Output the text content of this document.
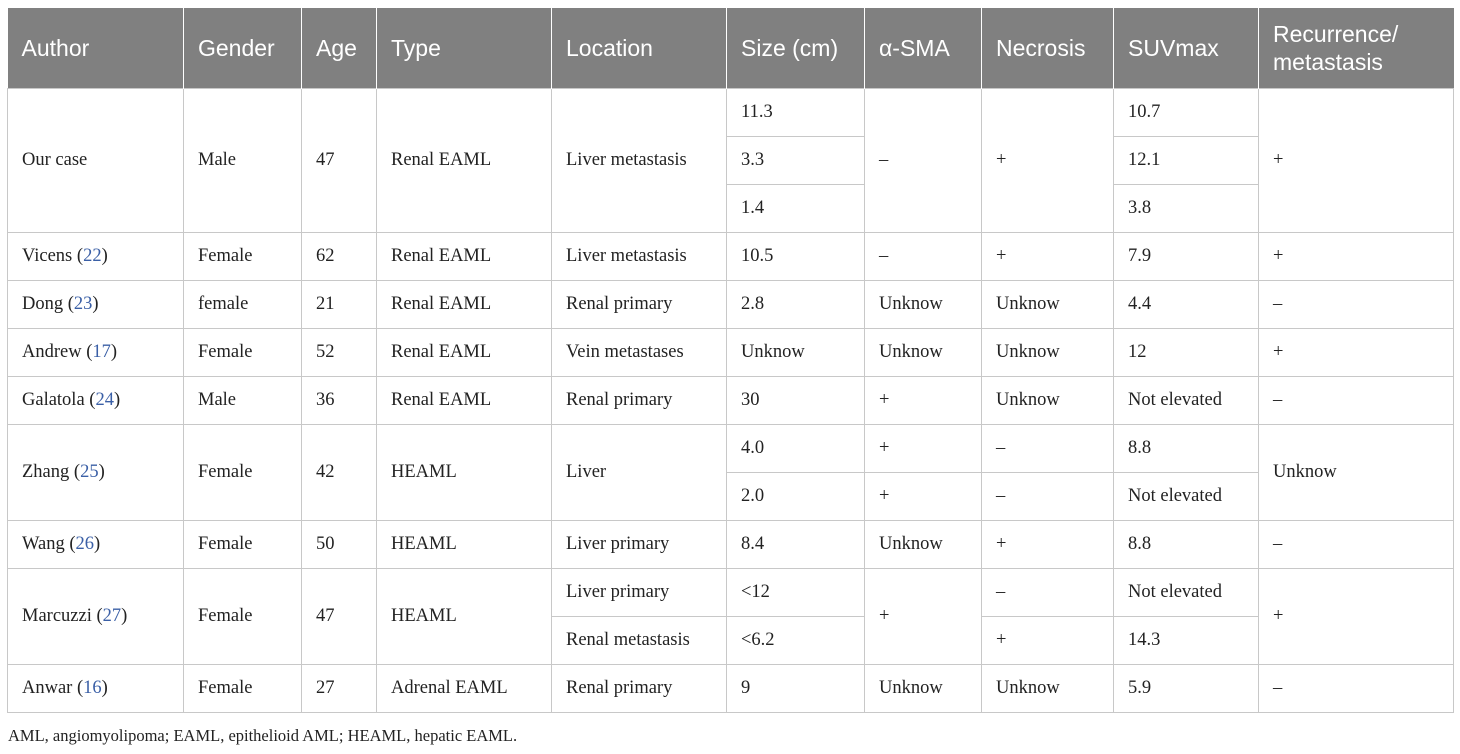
Author	Gender	Age	Type	Location	Size (cm)	α-SMA	Necrosis	SUVmax	Recurrence/ metastasis
Our case	Male	47	Renal EAML	Liver metastasis	11.3	–	+	10.7	+
					3.3			12.1	
					1.4			3.8	
Vicens (22)	Female	62	Renal EAML	Liver metastasis	10.5	–	+	7.9	+
Dong (23)	female	21	Renal EAML	Renal primary	2.8	Unknow	Unknow	4.4	–
Andrew (17)	Female	52	Renal EAML	Vein metastases	Unknow	Unknow	Unknow	12	+
Galatola (24)	Male	36	Renal EAML	Renal primary	30	+	Unknow	Not elevated	–
Zhang (25)	Female	42	HEAML	Liver	4.0	+	–	8.8	Unknow
					2.0	+	–	Not elevated	
Wang (26)	Female	50	HEAML	Liver primary	8.4	Unknow	+	8.8	–
Marcuzzi (27)	Female	47	HEAML	Liver primary	<12	+	–	Not elevated	+
				Renal metastasis	<6.2		+	14.3	
Anwar (16)	Female	27	Adrenal EAML	Renal primary	9	Unknow	Unknow	5.9	–
AML, angiomyolipoma; EAML, epithelioid AML; HEAML, hepatic EAML.
